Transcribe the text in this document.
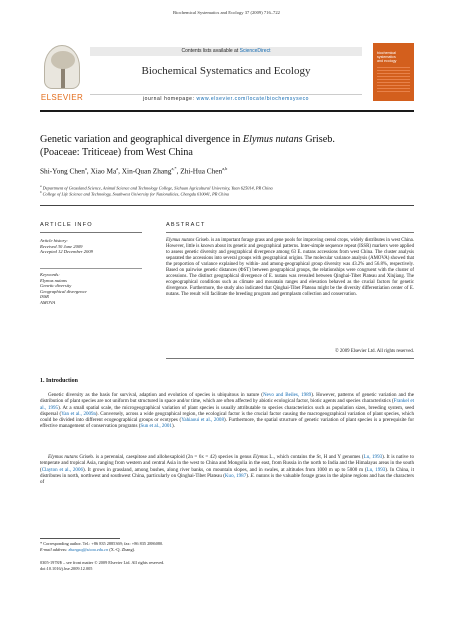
Biochemical Systematics and Ecology 37 (2009) 716–722
ELSEVIER
Contents lists available at ScienceDirect
Biochemical Systematics and Ecology
journal homepage: www.elsevier.com/locate/biochemsyseco
biochemical
systematics
and ecology
Genetic variation and geographical divergence in Elymus nutans Griseb.
(Poaceae: Triticeae) from West China
Shi-Yong Chen$^a$, Xiao Ma$^a$, Xin-Quan Zhang$^{a,*}$, Zhi-Hua Chen$^{a,b}$
$^a$ Department of Grassland Science, Animal Science and Technology College, Sichuan Agricultural University, Yaan 625014, PR China
$^b$ College of Life Science and Technology, Southwest University for Nationalities, Chengdu 610041, PR China
ARTICLE INFO	ABSTRACT
Article history:
Received 30 June 2009
Accepted 12 December 2009
Keywords:
Elymus nutans
Genetic diversity
Geographical divergence
ISSR
AMOVA
Elymus nutans Griseb. is an important forage grass and gene pools for improving cereal crops, widely distributes in west China. However, little is known about its genetic and geographical patterns. Inter-simple sequence repeat (ISSR) markers were applied to assess genetic diversity and geographical divergence among 63 E. nutans accessions from west China. The cluster analysis separated the accessions into several groups with geographical origins. The molecular variance analysis (AMOVA) showed that the proportion of variance explained by within- and among-geographical group diversity was 43.2% and 56.8%, respectively. Based on pairwise genetic distances (ΦST) between geographical groups, the relationships were congruent with the cluster of accessions. The distinct geographical divergence of E. nutans was revealed between Qinghai-Tibet Plateau and Xinjiang. The ecogeographical conditions such as climate and mountain ranges and elevation behaved as the crucial factors for genetic divergence. Furthermore, the study also indicated that Qinghai-Tibet Plateau might be the diversity differentiation center of E. nutans. The result will facilitate the breeding program and germplasm collection and conservation.
© 2009 Elsevier Ltd. All rights reserved.
1. Introduction
Genetic diversity as the basis for survival, adaption and evolution of species is ubiquitous in nature (Nevo and Beiles, 1989). However, patterns of genetic variation and the distribution of plant species are not uniform but structured in space and/or time, which are often affected by abiotic ecological factor, biotic agents and species characteristics (Frankel et al., 1995). At a small spatial scale, the microgeographical variation of plant species is usually attributable to species characteristics such as population sizes, breeding system, seed dispersal (Yan et al., 2009a). Conversely, across a wide geographical region, the ecological factor is the crucial factor causing the macrogeographical variation of plant species, which could be divided into different ecogeographical groups or ecotypes (Yahiaoui et al., 2008). Furthermore, the spatial structure of genetic variation of plant species is a prerequisite for effective management of conservation programs (Sun et al., 2001).
Elymus nutans Griseb. is a perennial, caespitose and allohexaploid (2n = 6x = 42) species in genus Elymus L., which contains the St, H and Y genomes (Lu, 1993). It is native to temperate and tropical Asia, ranging from western and central Asia in the west to China and Mongolia in the east, from Russia in the north to India and the Himalayas areas in the south (Clayton et al., 2006). It grows in grassland, among bushes, along river banks, on mountain slopes, and in swales, at altitudes from 1000 m up to 5000 m (Lu, 1993). In China, it distributes in north, northwest and southwest China, particularly on Qinghai-Tibet Plateau (Kuo, 1987). E. nutans is the valuable forage grass in the alpine regions and has the characters of
* Corresponding author. Tel.: +86 835 2885369; fax: +86 835 2886080.
E-mail address: zhangxq@sicau.edu.cn (X.-Q. Zhang).
0305-1978/$ – see front matter © 2009 Elsevier Ltd. All rights reserved.
doi:10.1016/j.bse.2009.12.005
